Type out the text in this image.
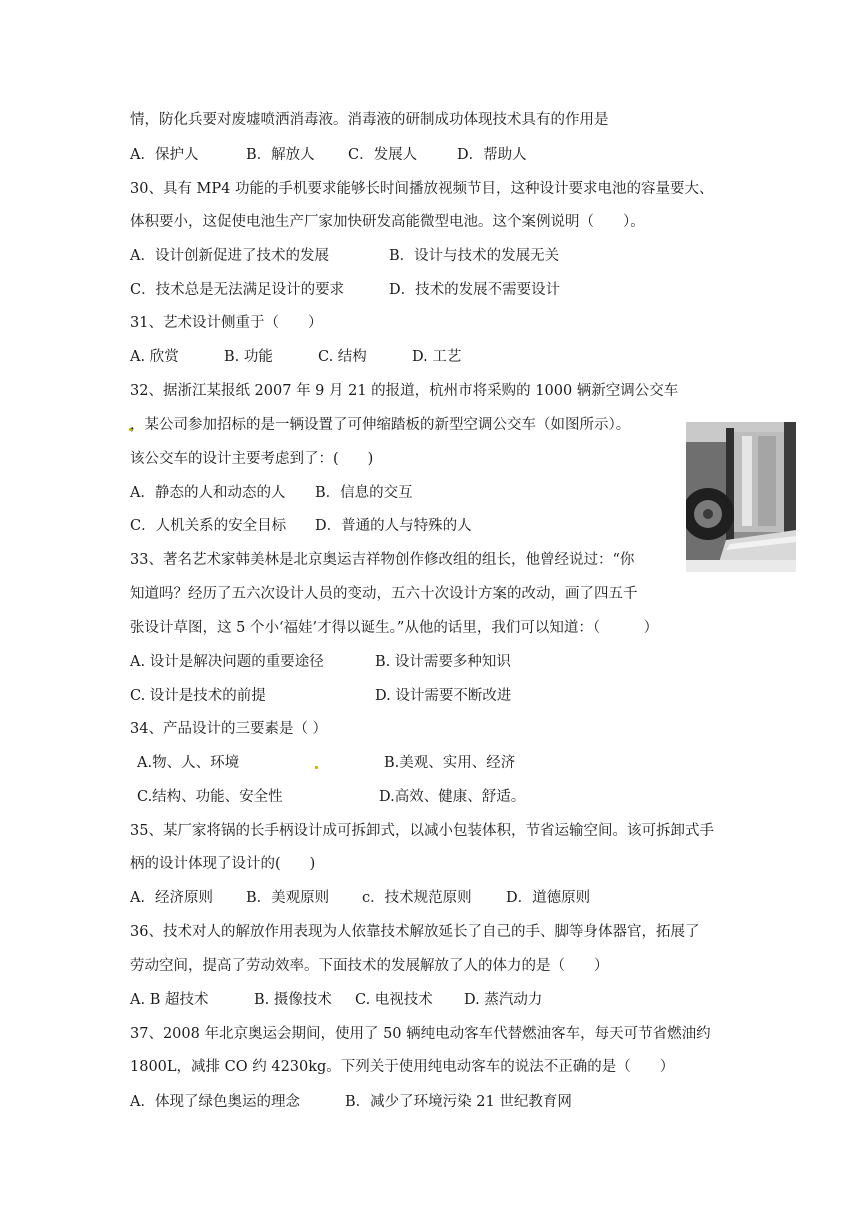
情，防化兵要对废墟喷洒消毒液。消毒液的研制成功体现技术具有的作用是
A．保护人	B．解放人 C．发展人	D．帮助人
30、具有 MP4 功能的手机要求能够长时间播放视频节目，这种设计要求电池的容量要大、
体积要小，这促使电池生产厂家加快研发高能微型电池。这个案例说明（　　）。
A．设计创新促进了技术的发展	B．设计与技术的发展无关
C．技术总是无法满足设计的要求	D．技术的发展不需要设计
31、艺术设计侧重于（　　）
A. 欣赏	B. 功能	C. 结构	D. 工艺
32、据浙江某报纸 2007 年 9 月 21 的报道，杭州市将采购的 1000 辆新空调公交车
，某公司参加招标的是一辆设置了可伸缩踏板的新型空调公交车（如图所示）。
该公交车的设计主要考虑到了：(　　)
A．静态的人和动态的人 B．信息的交互
C．人机关系的安全目标 D．普通的人与特殊的人
33、著名艺术家韩美林是北京奥运吉祥物创作修改组的组长，他曾经说过：“你
知道吗？经历了五六次设计人员的变动，五六十次设计方案的改动，画了四五千
张设计草图，这 5 个小‘福娃’才得以诞生。”从他的话里，我们可以知道：（　　　）
A. 设计是解决问题的重要途径	B. 设计需要多种知识
C. 设计是技术的前提	D. 设计需要不断改进
34、产品设计的三要素是（ ）
A.物、人、环境	B.美观、实用、经济
C.结构、功能、安全性	D.高效、健康、舒适。
35、某厂家将锅的长手柄设计成可拆卸式，以减小包装体积，节省运输空间。该可拆卸式手
柄的设计体现了设计的(　　)
A．经济原则 B．美观原则 c．技术规范原则 D．道德原则
36、技术对人的解放作用表现为人依靠技术解放延长了自己的手、脚等身体器官，拓展了
劳动空间，提高了劳动效率。下面技术的发展解放了人的体力的是（　　）
A. B 超技术	B. 摄像技术 C. 电视技术 D. 蒸汽动力
37、2008 年北京奥运会期间，使用了 50 辆纯电动客车代替燃油客车，每天可节省燃油约
1800L，减排 CO 约 4230kg。下列关于使用纯电动客车的说法不正确的是（　　）
A．体现了绿色奥运的理念	B．减少了环境污染 21 世纪教育网
